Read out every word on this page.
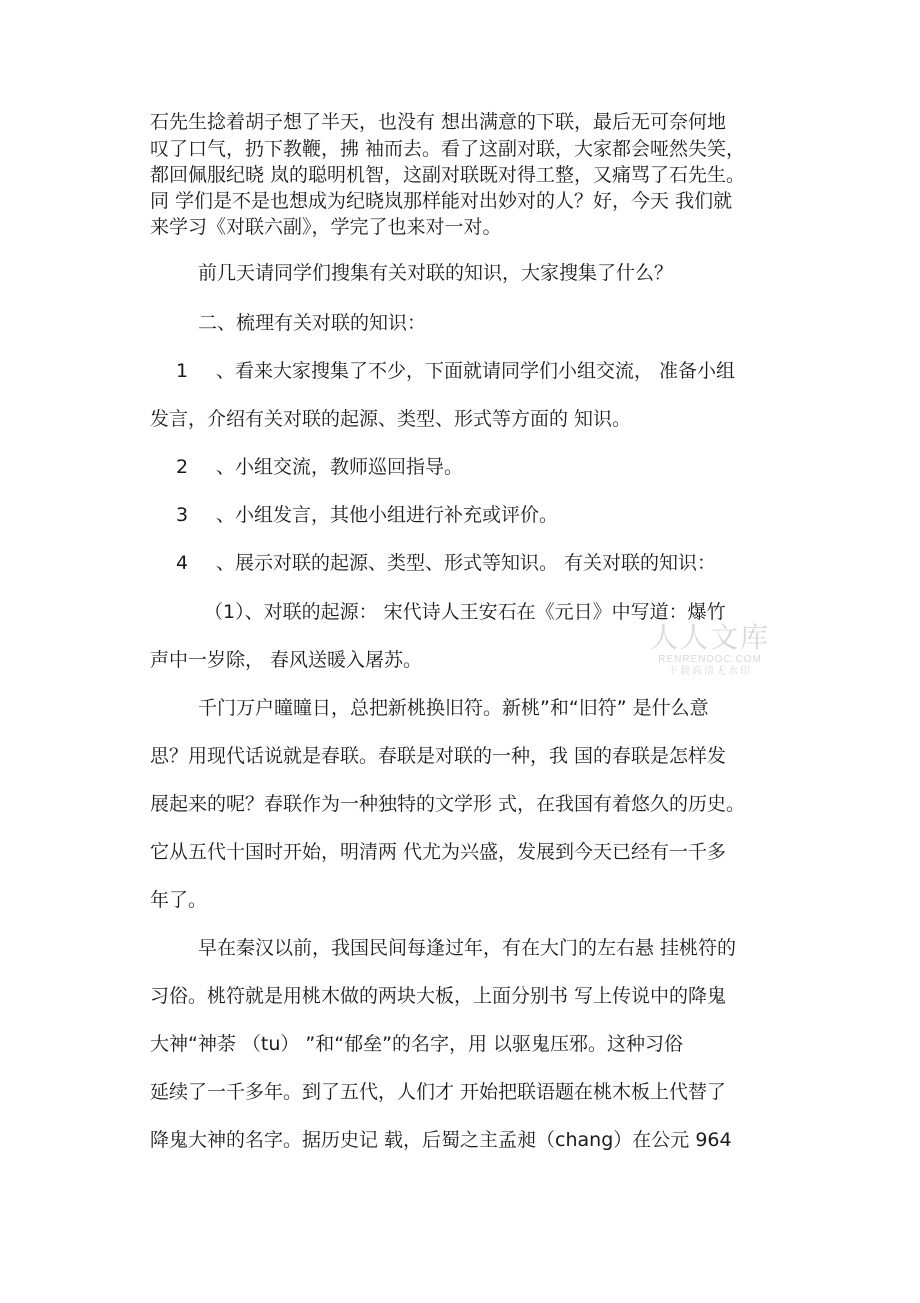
石先生捻着胡子想了半天，也没有 想出满意的下联，最后无可奈何地
叹了口气，扔下教鞭，拂 袖而去。看了这副对联，大家都会哑然失笑，
都回佩服纪晓 岚的聪明机智，这副对联既对得工整，又痛骂了石先生。
同 学们是不是也想成为纪晓岚那样能对出妙对的人？好，今天 我们就
来学习《对联六副》，学完了也来对一对。
前几天请同学们搜集有关对联的知识，大家搜集了什么？
二、梳理有关对联的知识：
1 、看来大家搜集了不少，下面就请同学们小组交流， 准备小组
发言，介绍有关对联的起源、类型、形式等方面的 知识。
2 、小组交流，教师巡回指导。
3 、小组发言，其他小组进行补充或评价。
4 、展示对联的起源、类型、形式等知识。 有关对联的知识：
（1）、对联的起源： 宋代诗人王安石在《元日》中写道：爆竹
声中一岁除， 春风送暖入屠苏。
千门万户曈曈日，总把新桃换旧符。新桃”和“旧符” 是什么意
思？用现代话说就是春联。春联是对联的一种，我 国的春联是怎样发
展起来的呢？春联作为一种独特的文学形 式，在我国有着悠久的历史。
它从五代十国时开始，明清两 代尤为兴盛，发展到今天已经有一千多
年了。
早在秦汉以前，我国民间每逢过年，有在大门的左右悬 挂桃符的
习俗。桃符就是用桃木做的两块大板，上面分别书 写上传说中的降鬼
大神“神荼 （tu） ”和“郁垒”的名字，用 以驱鬼压邪。这种习俗
延续了一千多年。到了五代，人们才 开始把联语题在桃木板上代替了
降鬼大神的名字。据历史记 载，后蜀之主孟昶（chang）在公元 964
人人文库
RENRENDOC.COM
下载高清无水印
